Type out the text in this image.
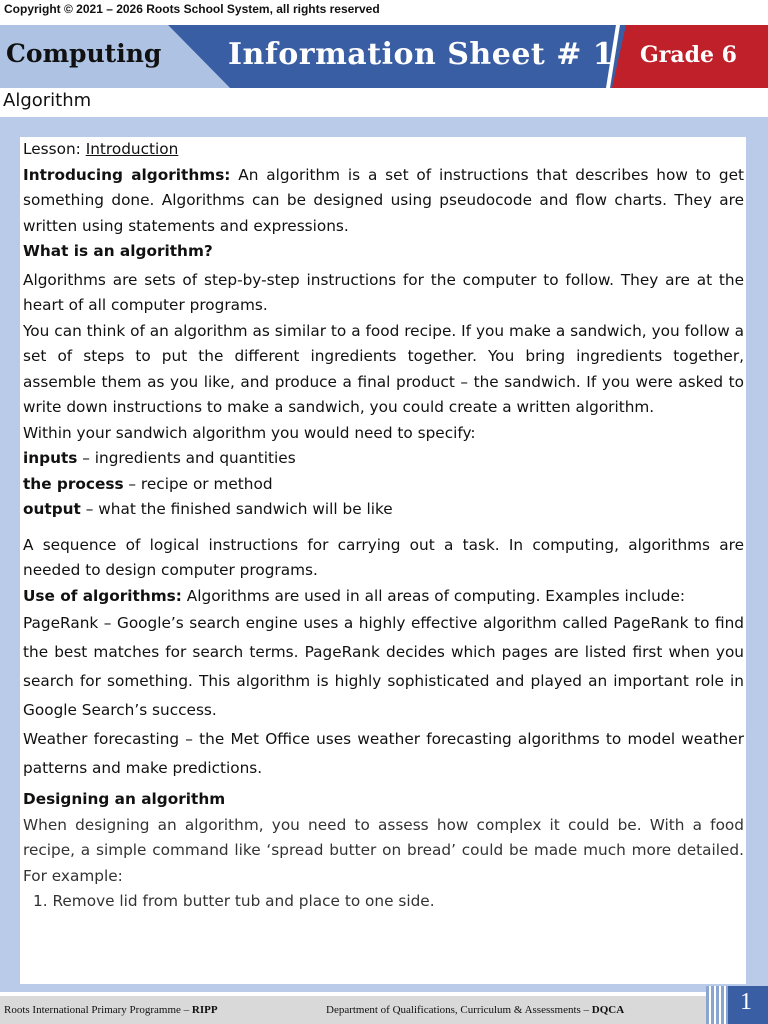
Copyright © 2021 – 2026 Roots School System, all rights reserved
Computing Information Sheet # 1 Grade 6
Algorithm

Lesson: Introduction

Introducing algorithms: An algorithm is a set of instructions that describes how to get something done. Algorithms can be designed using pseudocode and flow charts. They are written using statements and expressions.

What is an algorithm?

Algorithms are sets of step-by-step instructions for the computer to follow. They are at the heart of all computer programs.

You can think of an algorithm as similar to a food recipe. If you make a sandwich, you follow a set of steps to put the different ingredients together. You bring ingredients together, assemble them as you like, and produce a final product – the sandwich. If you were asked to write down instructions to make a sandwich, you could create a written algorithm.

Within your sandwich algorithm you would need to specify:

inputs – ingredients and quantities

the process – recipe or method

output – what the finished sandwich will be like

A sequence of logical instructions for carrying out a task. In computing, algorithms are needed to design computer programs.

Use of algorithms: Algorithms are used in all areas of computing. Examples include:

PageRank – Google’s search engine uses a highly effective algorithm called PageRank to find the best matches for search terms. PageRank decides which pages are listed first when you search for something. This algorithm is highly sophisticated and played an important role in Google Search’s success.

Weather forecasting – the Met Office uses weather forecasting algorithms to model weather patterns and make predictions.

Designing an algorithm

When designing an algorithm, you need to assess how complex it could be. With a food recipe, a simple command like ‘spread butter on bread’ could be made much more detailed. For example:

1. Remove lid from butter tub and place to one side.

Roots International Primary Programme – RIPP	Department of Qualifications, Curriculum & Assessments – DQCA	1
